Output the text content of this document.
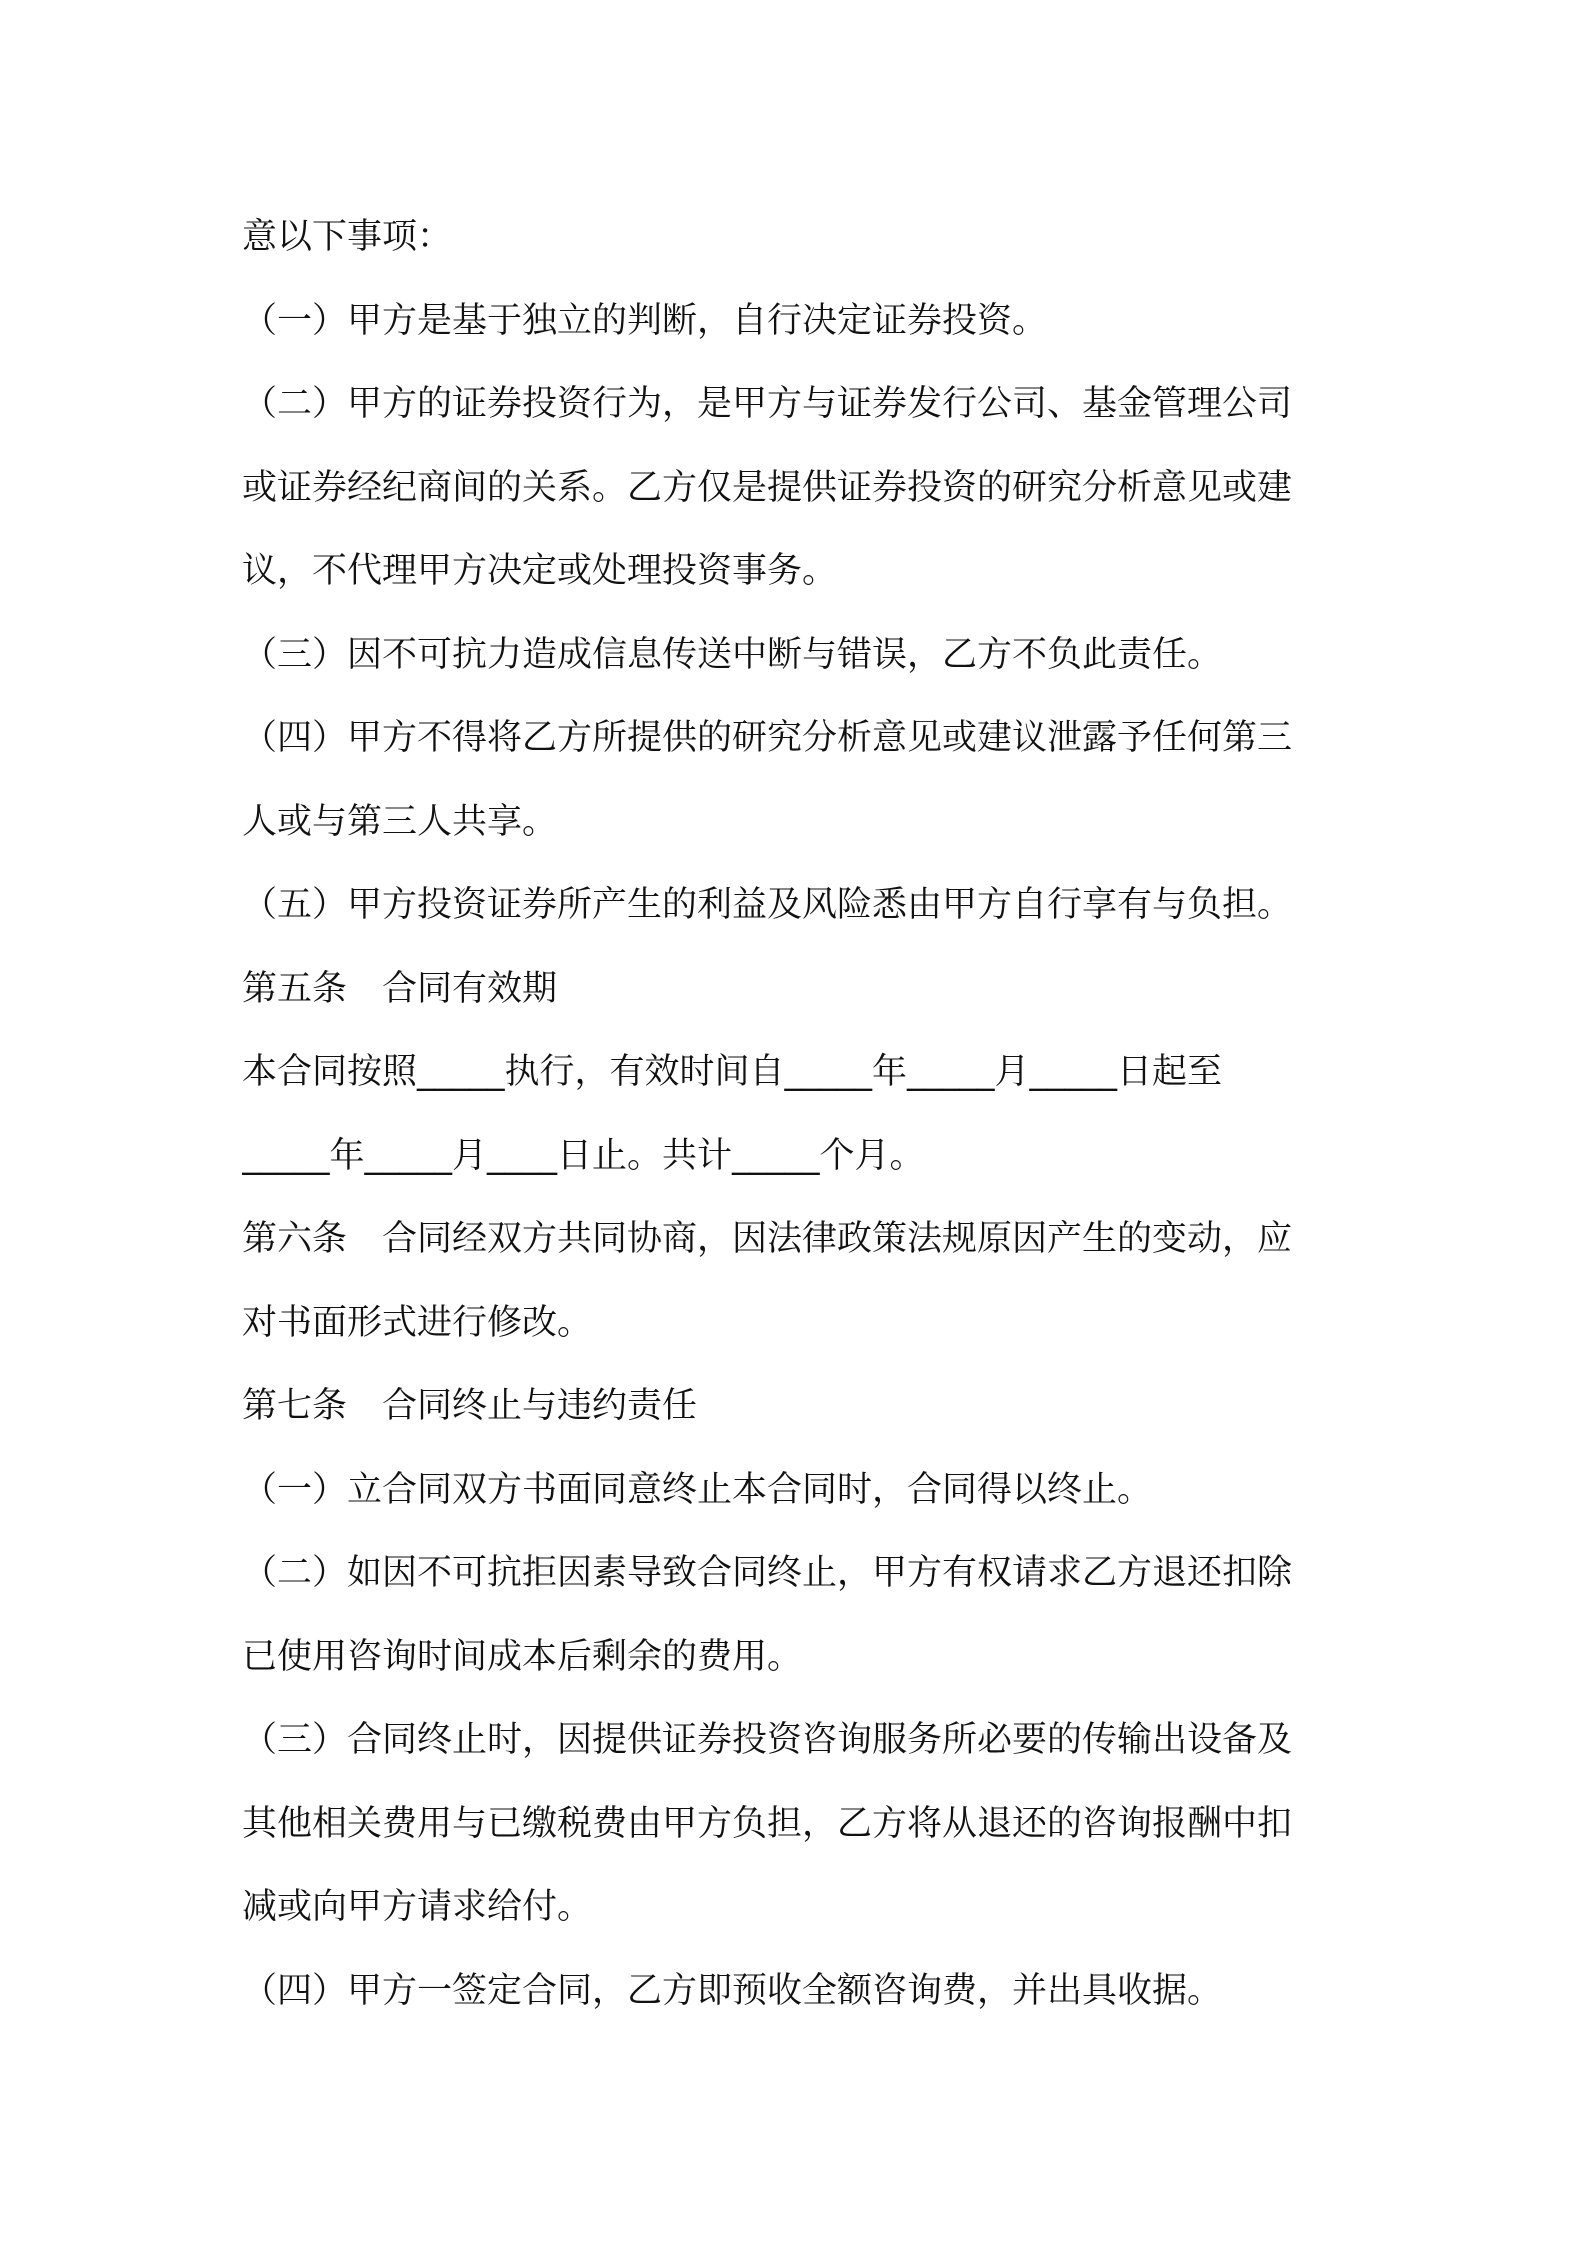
意以下事项：
（一）甲方是基于独立的判断，自行决定证券投资。
（二）甲方的证券投资行为，是甲方与证券发行公司、基金管理公司
或证券经纪商间的关系。乙方仅是提供证券投资的研究分析意见或建
议，不代理甲方决定或处理投资事务。
（三）因不可抗力造成信息传送中断与错误，乙方不负此责任。
（四）甲方不得将乙方所提供的研究分析意见或建议泄露予任何第三
人或与第三人共享。
（五）甲方投资证券所产生的利益及风险悉由甲方自行享有与负担。
第五条　合同有效期
本合同按照_____执行，有效时间自_____年_____月_____日起至
_____年_____月____日止。共计_____个月。
第六条　合同经双方共同协商，因法律政策法规原因产生的变动，应
对书面形式进行修改。
第七条　合同终止与违约责任
（一）立合同双方书面同意终止本合同时，合同得以终止。
（二）如因不可抗拒因素导致合同终止，甲方有权请求乙方退还扣除
已使用咨询时间成本后剩余的费用。
（三）合同终止时，因提供证券投资咨询服务所必要的传输出设备及
其他相关费用与已缴税费由甲方负担，乙方将从退还的咨询报酬中扣
减或向甲方请求给付。
（四）甲方一签定合同，乙方即预收全额咨询费，并出具收据。
